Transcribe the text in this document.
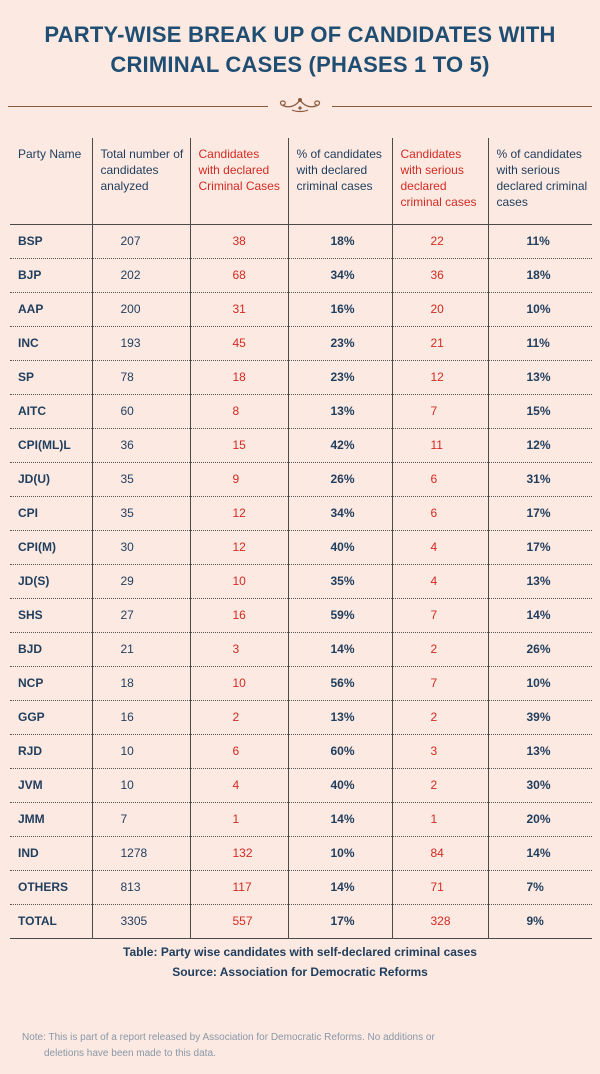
PARTY-WISE BREAK UP OF CANDIDATES WITH
CRIMINAL CASES (PHASES 1 TO 5)
Party Name	Total number of candidates analyzed	Candidates with declared Criminal Cases	% of candidates with declared criminal cases	Candidates with serious declared criminal cases	% of candidates with serious declared criminal cases
BSP	207	38	18%	22	11%
BJP	202	68	34%	36	18%
AAP	200	31	16%	20	10%
INC	193	45	23%	21	11%
SP	78	18	23%	12	13%
AITC	60	8	13%	7	15%
CPI(ML)L	36	15	42%	11	12%
JD(U)	35	9	26%	6	31%
CPI	35	12	34%	6	17%
CPI(M)	30	12	40%	4	17%
JD(S)	29	10	35%	4	13%
SHS	27	16	59%	7	14%
BJD	21	3	14%	2	26%
NCP	18	10	56%	7	10%
GGP	16	2	13%	2	39%
RJD	10	6	60%	3	13%
JVM	10	4	40%	2	30%
JMM	7	1	14%	1	20%
IND	1278	132	10%	84	14%
OTHERS	813	117	14%	71	7%
TOTAL	3305	557	17%	328	9%
Table: Party wise candidates with self-declared criminal cases
Source: Association for Democratic Reforms
Note: This is part of a report released by Association for Democratic Reforms. No additions or
deletions have been made to this data.
